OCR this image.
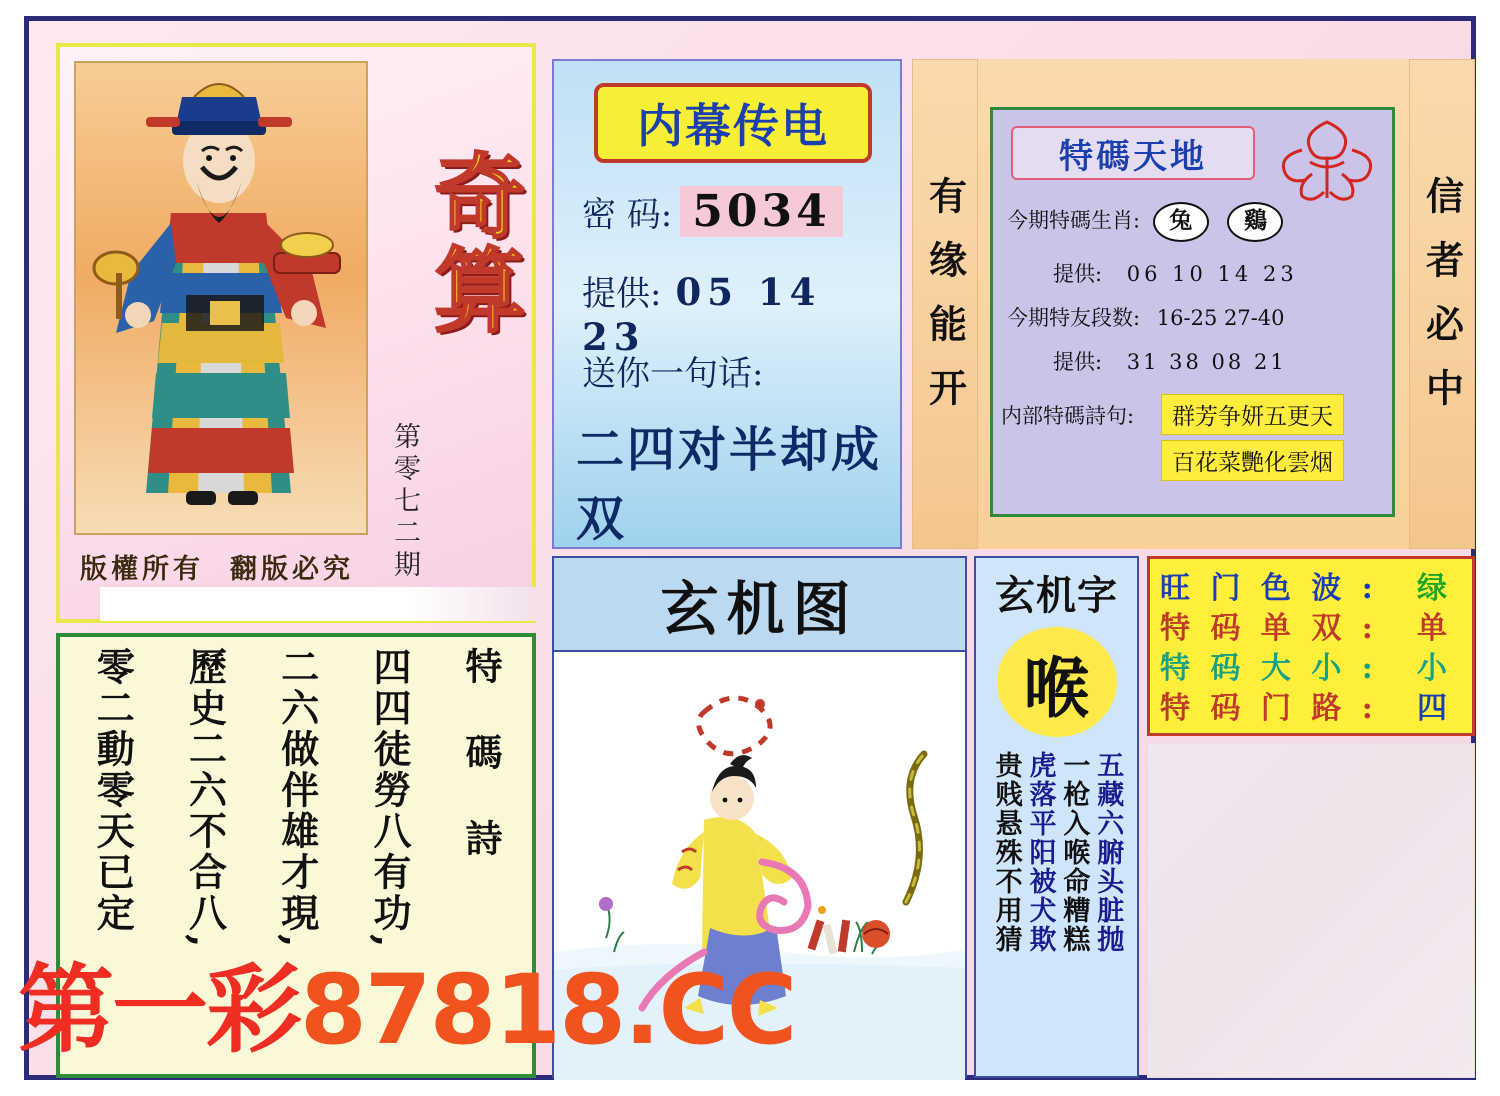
奇算
第零七二期
版權所有 翻版必究
特 碼 詩
四四徒勞八有功,
二六做伴雄才現,
歷史二六不合八,
零二動零天已定
内幕传电
密 码: 5034
提供: 05 14 23
送你一句话:
二四对半却成双
有缘能开	信者必中
特碼天地
今期特碼生肖: 兔 鷄
提供: 06 10 14 23
今期特友段数: 16-25 27-40
提供: 31 38 08 21
内部特碼詩句:	群芳争妍五更天
百花菜艷化雲烟
玄机图	玄机字
喉
五藏六腑头脏抛
一枪入喉命糟糕
虎落平阳被犬欺
贵贱悬殊不用猜
旺 门 色 波 :	绿
特 码 单 双 :	单
特 码 大 小 :	小
特 码 门 路 :	四
第一彩87818.CC
